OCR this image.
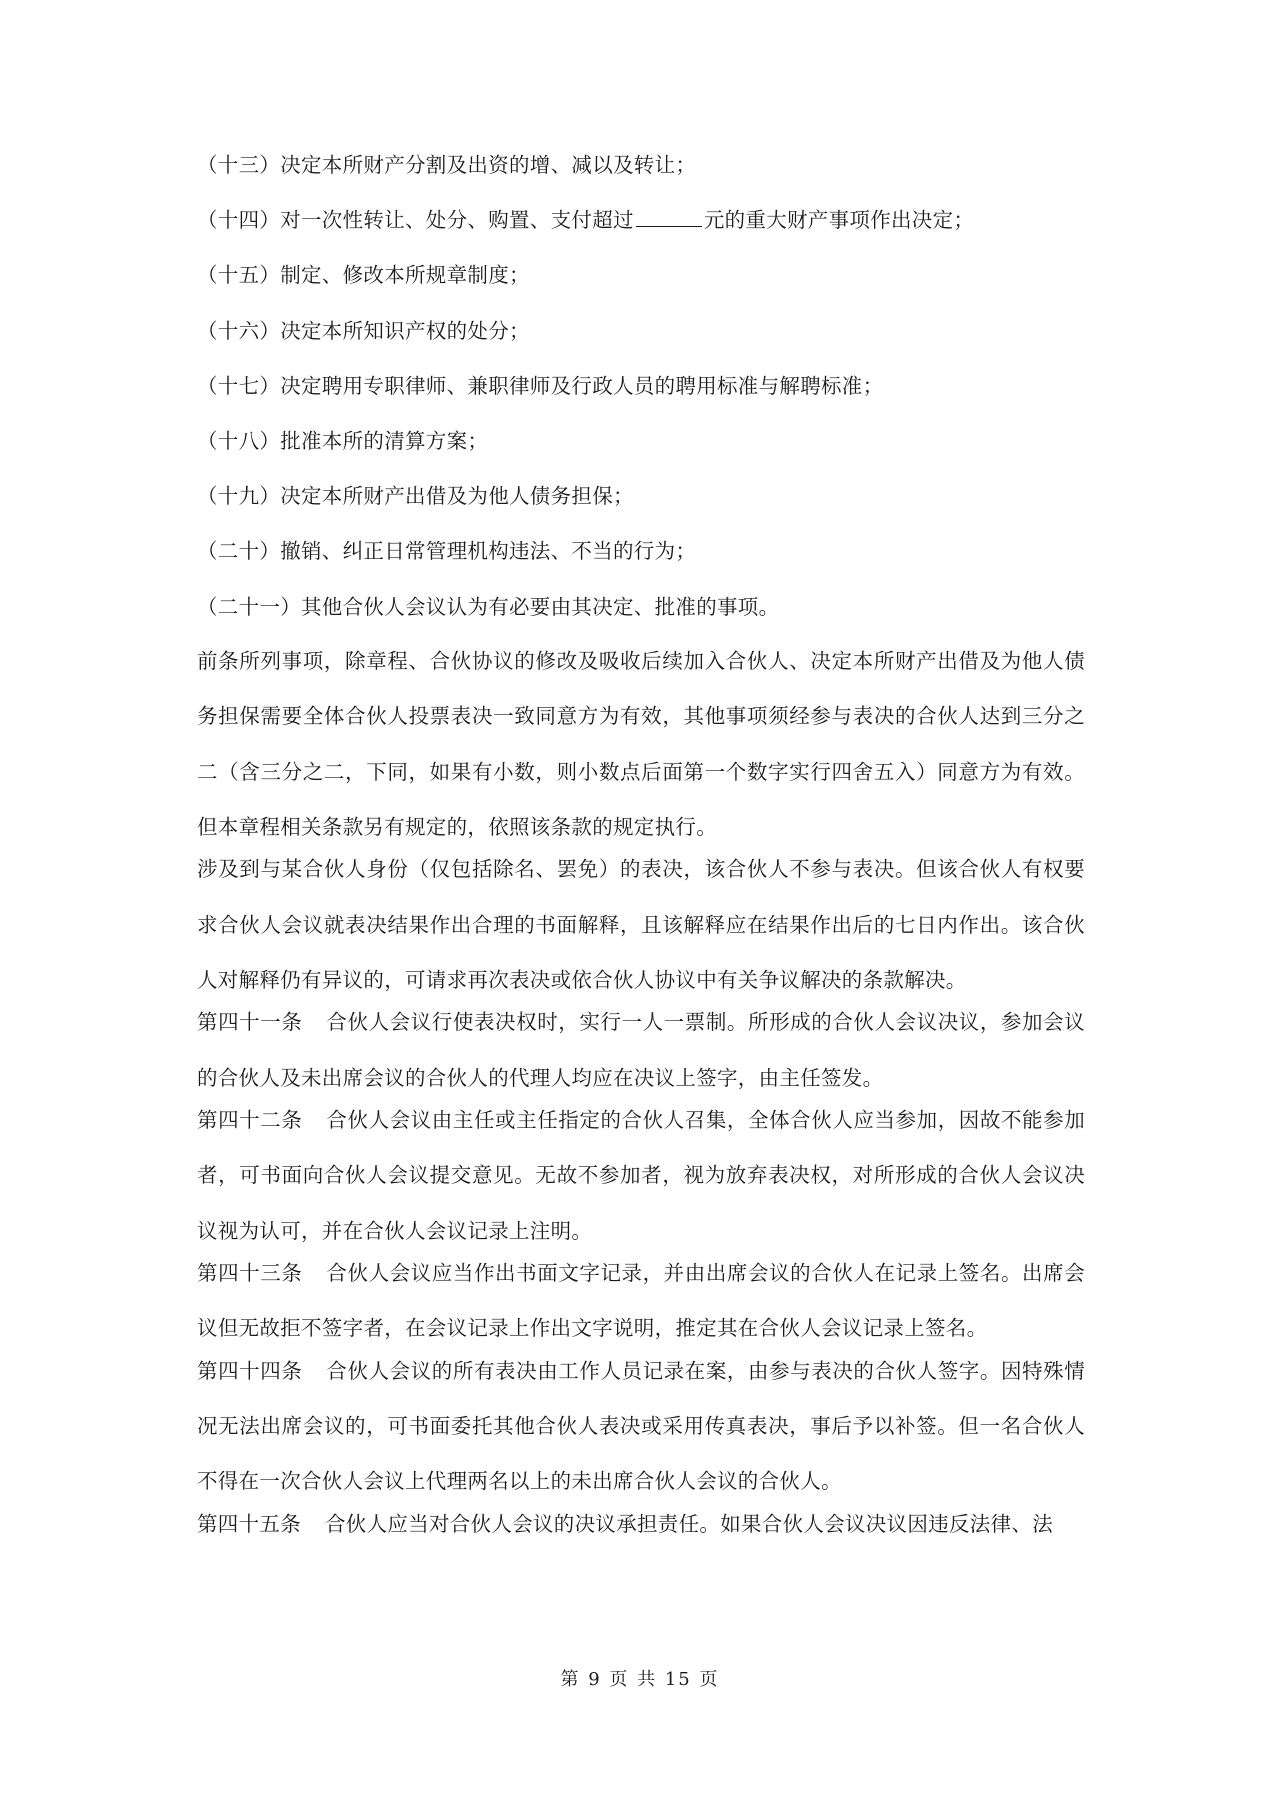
（十三）决定本所财产分割及出资的增、减以及转让；
（十四）对一次性转让、处分、购置、支付超过	元的重大财产事项作出决定；
（十五）制定、修改本所规章制度；
（十六）决定本所知识产权的处分；
（十七）决定聘用专职律师、兼职律师及行政人员的聘用标准与解聘标准；
（十八）批准本所的清算方案；
（十九）决定本所财产出借及为他人债务担保；
（二十）撤销、纠正日常管理机构违法、不当的行为；
（二十一）其他合伙人会议认为有必要由其决定、批准的事项。
前条所列事项，除章程、合伙协议的修改及吸收后续加入合伙人、决定本所财产出借及为他人债务担保需要全体合伙人投票表决一致同意方为有效，其他事项须经参与表决的合伙人达到三分之二（含三分之二，下同，如果有小数，则小数点后面第一个数字实行四舍五入）同意方为有效。但本章程相关条款另有规定的，依照该条款的规定执行。
涉及到与某合伙人身份（仅包括除名、罢免）的表决，该合伙人不参与表决。但该合伙人有权要求合伙人会议就表决结果作出合理的书面解释，且该解释应在结果作出后的七日内作出。该合伙人对解释仍有异议的，可请求再次表决或依合伙人协议中有关争议解决的条款解决。
第四十一条 合伙人会议行使表决权时，实行一人一票制。所形成的合伙人会议决议，参加会议的合伙人及未出席会议的合伙人的代理人均应在决议上签字，由主任签发。
第四十二条 合伙人会议由主任或主任指定的合伙人召集，全体合伙人应当参加，因故不能参加者，可书面向合伙人会议提交意见。无故不参加者，视为放弃表决权，对所形成的合伙人会议决议视为认可，并在合伙人会议记录上注明。
第四十三条 合伙人会议应当作出书面文字记录，并由出席会议的合伙人在记录上签名。出席会议但无故拒不签字者，在会议记录上作出文字说明，推定其在合伙人会议记录上签名。
第四十四条 合伙人会议的所有表决由工作人员记录在案，由参与表决的合伙人签字。因特殊情况无法出席会议的，可书面委托其他合伙人表决或采用传真表决，事后予以补签。但一名合伙人不得在一次合伙人会议上代理两名以上的未出席合伙人会议的合伙人。
第四十五条 合伙人应当对合伙人会议的决议承担责任。如果合伙人会议决议因违反法律、法
第 9 页 共 15 页
